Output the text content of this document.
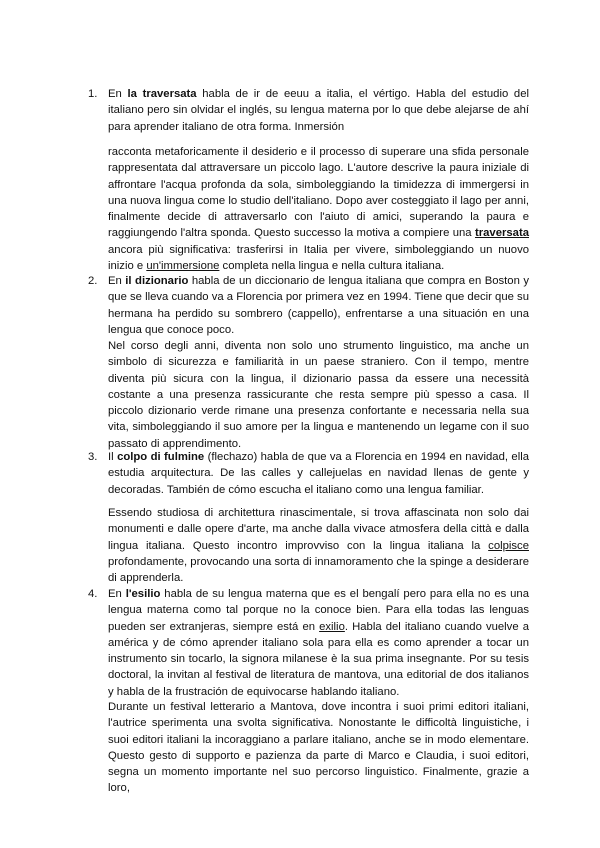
1. En la traversata habla de ir de eeuu a italia, el vértigo. Habla del estudio del italiano pero sin olvidar el inglés, su lengua materna por lo que debe alejarse de ahí para aprender italiano de otra forma. Inmersión
racconta metaforicamente il desiderio e il processo di superare una sfida personale rappresentata dal attraversare un piccolo lago. L'autore descrive la paura iniziale di affrontare l'acqua profonda da sola, simboleggiando la timidezza di immergersi in una nuova lingua come lo studio dell'italiano. Dopo aver costeggiato il lago per anni, finalmente decide di attraversarlo con l'aiuto di amici, superando la paura e raggiungendo l'altra sponda. Questo successo la motiva a compiere una traversata ancora più significativa: trasferirsi in Italia per vivere, simboleggiando un nuovo inizio e un'immersione completa nella lingua e nella cultura italiana.
2. En il dizionario habla de un diccionario de lengua italiana que compra en Boston y que se lleva cuando va a Florencia por primera vez en 1994. Tiene que decir que su hermana ha perdido su sombrero (cappello), enfrentarse a una situación en una lengua que conoce poco.
Nel corso degli anni, diventa non solo uno strumento linguistico, ma anche un simbolo di sicurezza e familiarità in un paese straniero. Con il tempo, mentre diventa più sicura con la lingua, il dizionario passa da essere una necessità costante a una presenza rassicurante che resta sempre più spesso a casa. Il piccolo dizionario verde rimane una presenza confortante e necessaria nella sua vita, simboleggiando il suo amore per la lingua e mantenendo un legame con il suo passato di apprendimento.
3. Il colpo di fulmine (flechazo) habla de que va a Florencia en 1994 en navidad, ella estudia arquitectura. De las calles y callejuelas en navidad llenas de gente y decoradas. También de cómo escucha el italiano como una lengua familiar.
Essendo studiosa di architettura rinascimentale, si trova affascinata non solo dai monumenti e dalle opere d'arte, ma anche dalla vivace atmosfera della città e dalla lingua italiana. Questo incontro improvviso con la lingua italiana la colpisce profondamente, provocando una sorta di innamoramento che la spinge a desiderare di apprenderla.
4. En l'esilio habla de su lengua materna que es el bengalí pero para ella no es una lengua materna como tal porque no la conoce bien. Para ella todas las lenguas pueden ser extranjeras, siempre está en exilio. Habla del italiano cuando vuelve a américa y de cómo aprender italiano sola para ella es como aprender a tocar un instrumento sin tocarlo, la signora milanese è la sua prima insegnante. Por su tesis doctoral, la invitan al festival de literatura de mantova, una editorial de dos italianos y habla de la frustración de equivocarse hablando italiano.
Durante un festival letterario a Mantova, dove incontra i suoi primi editori italiani, l'autrice sperimenta una svolta significativa. Nonostante le difficoltà linguistiche, i suoi editori italiani la incoraggiano a parlare italiano, anche se in modo elementare. Questo gesto di supporto e pazienza da parte di Marco e Claudia, i suoi editori, segna un momento importante nel suo percorso linguistico. Finalmente, grazie a loro,
